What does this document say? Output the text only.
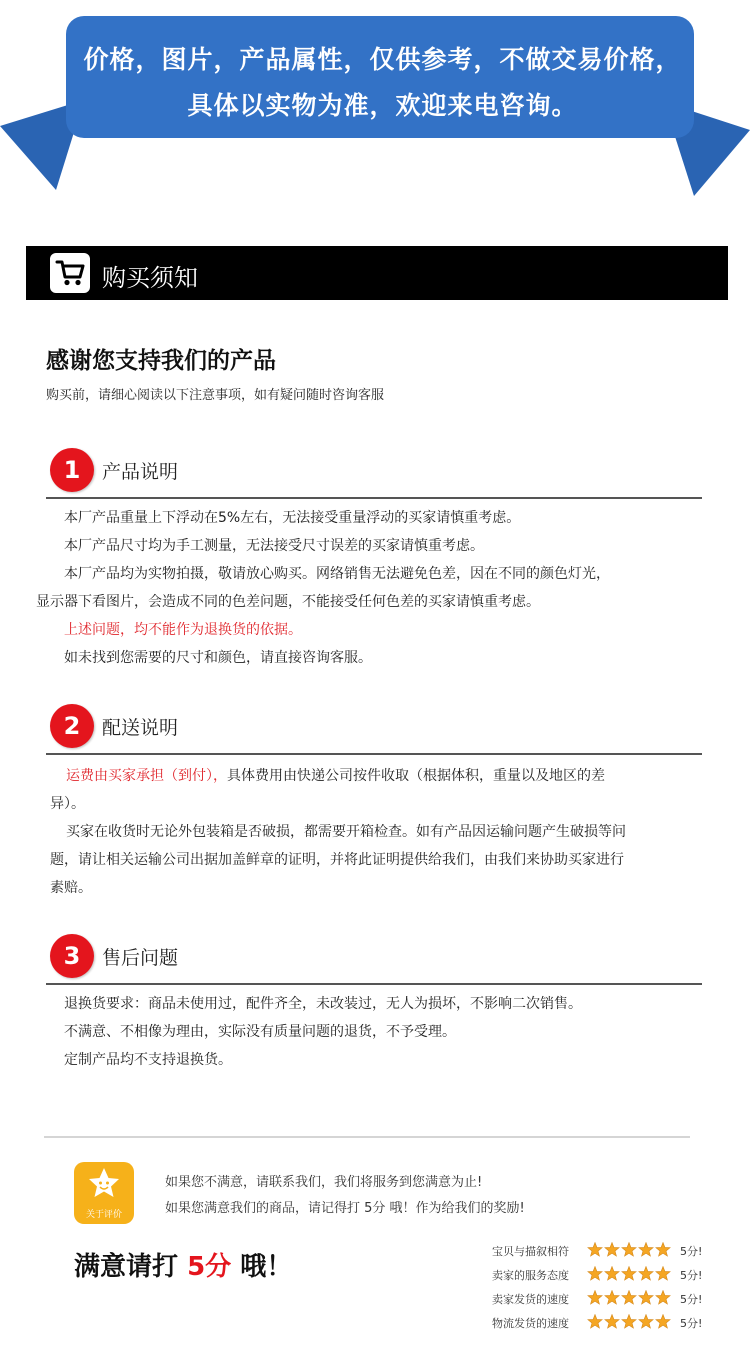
价格，图片，产品属性，仅供参考，不做交易价格，
具体以实物为准，欢迎来电咨询。
购买须知
感谢您支持我们的产品
购买前，请细心阅读以下注意事项，如有疑问随时咨询客服
1	产品说明

本厂产品重量上下浮动在5%左右，无法接受重量浮动的买家请慎重考虑。

本厂产品尺寸均为手工测量，无法接受尺寸误差的买家请慎重考虑。

本厂产品均为实物拍摄，敬请放心购买。网络销售无法避免色差，因在不同的颜色灯光，

显示器下看图片，会造成不同的色差问题，不能接受任何色差的买家请慎重考虑。

上述问题，均不能作为退换货的依据。

如未找到您需要的尺寸和颜色，请直接咨询客服。

2	配送说明

运费由买家承担（到付），具体费用由快递公司按件收取（根据体积，重量以及地区的差

异）。

买家在收货时无论外包装箱是否破损，都需要开箱检查。如有产品因运输问题产生破损等问

题，请让相关运输公司出据加盖鲜章的证明，并将此证明提供给我们，由我们来协助买家进行

素赔。

3	售后问题

退换货要求：商品未使用过，配件齐全，未改装过，无人为损坏，不影响二次销售。

不满意、不相像为理由，实际没有质量问题的退货，不予受理。

定制产品均不支持退换货。

关于评价
如果您不满意，请联系我们，我们将服务到您满意为止!
如果您满意我们的商品，请记得打 5分 哦！作为给我们的奖励!
满意请打 5分 哦！
宝贝与描叙相符	5分!
卖家的服务态度	5分!
卖家发货的速度	5分!
物流发货的速度	5分!
